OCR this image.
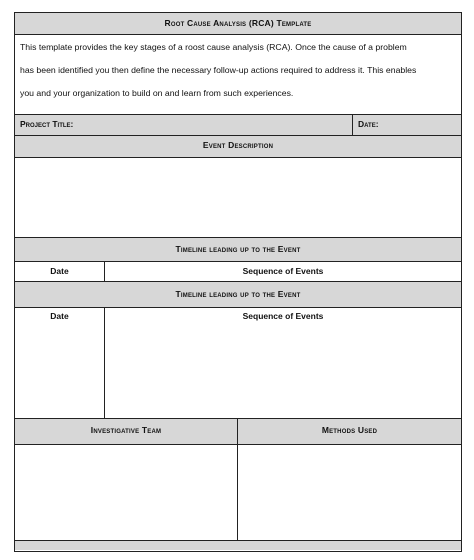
Root Cause Analysis (RCA) Template
This template provides the key stages of a roost cause analysis (RCA). Once the cause of a problem
has been identified you then define the necessary follow-up actions required to address it. This enables
you and your organization to build on and learn from such experiences.
Project Title:	Date:
Event Description
Timeline leading up to the Event
Date	Sequence of Events
Timeline leading up to the Event
Date	Sequence of Events
Investigative Team	Methods Used
